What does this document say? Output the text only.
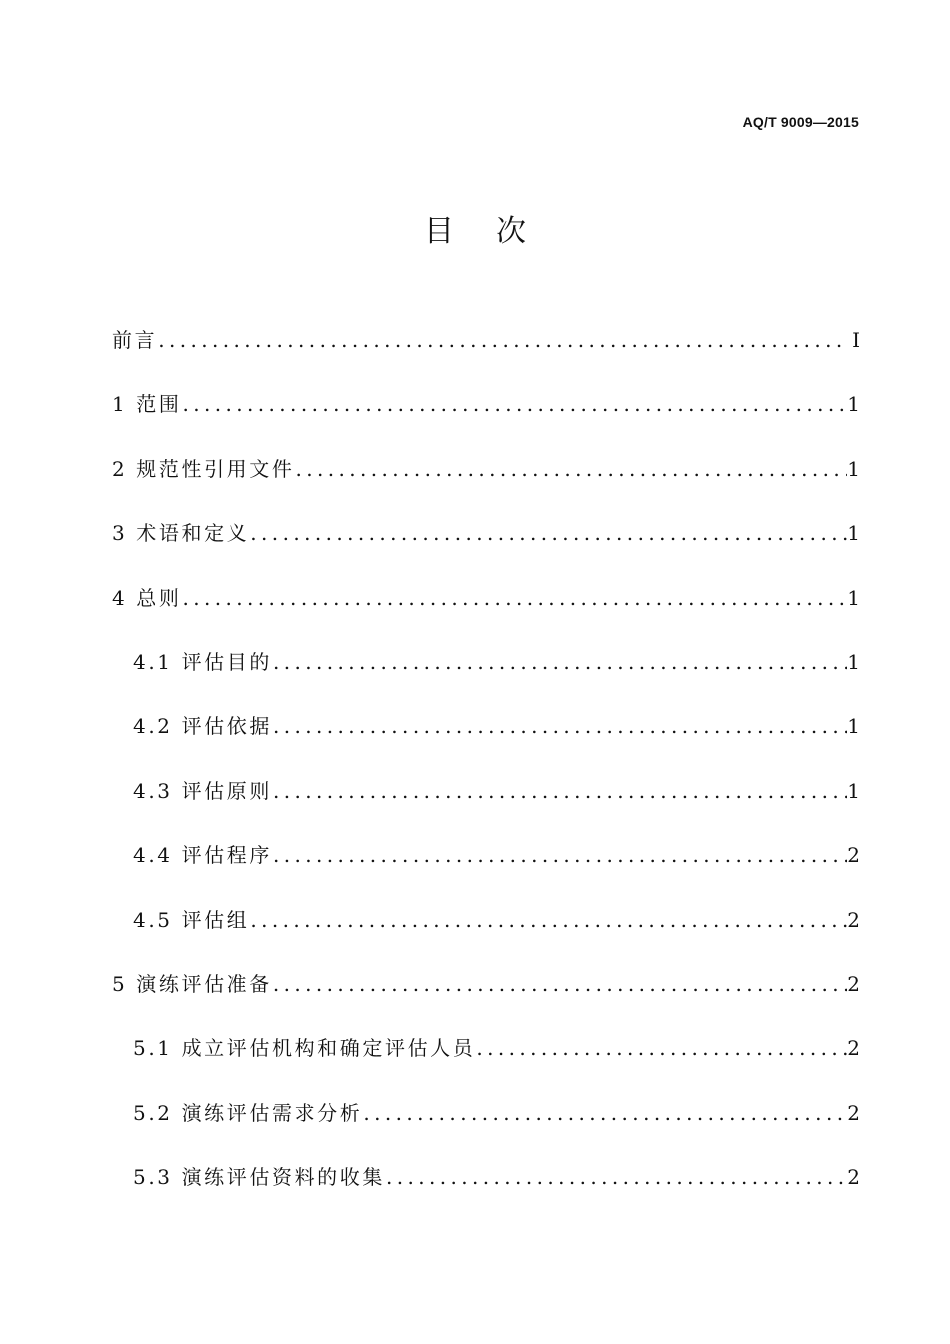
AQ/T 9009—2015
目次
前言 .....	I
1 范围 .....	1
2 规范性引用文件 .....	1
3 术语和定义 .....	1
4 总则 .....	1
4.1 评估目的 .....	1
4.2 评估依据 .....	1
4.3 评估原则 .....	1
4.4 评估程序 .....	2
4.5 评估组 .....	2
5 演练评估准备 .....	2
5.1 成立评估机构和确定评估人员 .....	2
5.2 演练评估需求分析 .....	2
5.3 演练评估资料的收集 .....	2
